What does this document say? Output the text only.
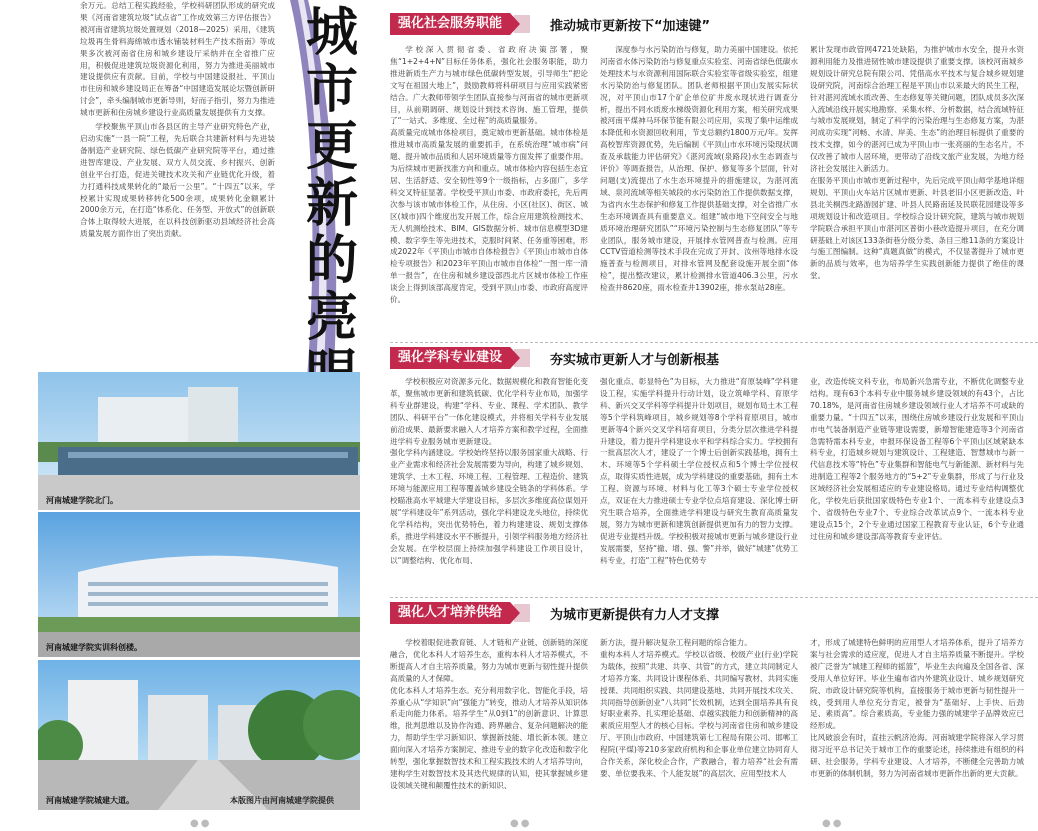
余万元。总结工程实践经验，学校科研团队形成的研究成果《河南省建筑垃圾“试点省”工作成效第三方评估报告》被河南省建筑垃圾处置规划（2018—2025）采用，《建筑垃圾再生骨料海绵城市透水铺装材料生产技术指南》等成果多次被河南省住房和城乡建设厅采纳并在全省推广应用，积极促进建筑垃圾资源化利用，努力为推进美丽城市建设提供应有贡献。目前，学校与中国建设报社、平顶山市住房和城乡建设局正在筹备“中国建造发展论坛暨创新研讨会”，牵头编制城市更新导则，好而子指引，努力为推进城市更新和住房城乡建设行业高质量发展提供有力支撑。

学校聚焦平顶山市各县区的主导产业研究特色产业，启动实施“一县一院”工程，先后联合共建新材料与先进装备制造产业研究院、绿色低碳产业研究院等平台，通过推进智库建设、产业发展、双方人员交流、乡村振兴、创新创业平台打造，促进关键技术攻关和产业链优化升级，着力打通科技成果转化的“最后一公里”。“十四五”以来，学校累计实现成果转移转化500余项，成果转化金额累计2000余万元，在打造“体系化、任务型、开放式”的创新联合体上取得较大进展，在以科技创新驱动县域经济社会高质量发展方面作出了突出贡献。

城
市
更
新
的
亮
河南城建学院北门。
河南城建学院实训科创楼。
河南城建学院城建大道。	本版图片由河南城建学院提供
强化社会服务职能	推动城市更新按下“加速键”

学校深入贯彻省委、省政府决策部署，聚焦“1+2+4+N”目标任务体系，强化社会服务职能，助力推进新质生产力与城市绿色低碳转型发展，引导师生“把论文写在祖国大地上”，鼓励教师将科研项目与应用实践紧密结合。广大教师带领学生团队直接参与河南省的城市更新项目，从前期调研、规划设计到技术咨询、施工管理，提供了“一站式、多维度、全过程”的高质量服务。
高质量完成城市体检项目，奠定城市更新基础。城市体检是推进城市高质量发展的重要抓手，在系统治理“城市病”问题、提升城市品质和人居环境质量等方面发挥了重要作用。为后续城市更新找准方向和重点。城市体检内容包括生态宜居、生活舒适、安全韧性等9个一级指标，占多面广，多学科交叉特征显著。学校受平顶山市委、市政府委托，先后两次参与该市城市体检工作，从住房、小区(社区)、街区、城区(城市)四个维度出发开展工作，综合应用建筑检测技术、无人机测绘技术、BIM、GIS数据分析、城市信息模型3D建模、数字孪生等先进技术，克服时间紧、任务重等困难，形成2022年《平顶山市城市自体检报告》《平顶山市城市自体检专项报告》和2023年平顶山市城市自体检“一图一库一清单一报告”，在住房和城乡建设部西北片区城市体检工作座谈会上得到该部高度肯定，受到平顶山市委、市政府高度评价。

深度参与水污染防治与修复，助力美丽中国建设。依托河南省水体污染防治与修复重点实验室、河南省绿色低碳水处理技术与水资源利用国际联合实验室等省级实验室，组建水污染防治与修复团队。团队老师根据平顶山发展实际状况，对平顶山市17个矿企单位矿井废水现状进行调查分析，提出不同水质废水梯级资源化利用方案，相关研究成果被河南平煤神马环保节能有限公司应用，实现了集中运维成本降低和水资源回收利用，节支总额约1800万元/年。发挥高校智库资源优势，先后编制《平顶山市水环境污染现状调查及承载能力评估研究》《湛河流域(泉路段)水生态调查与评价》等调查报告，从治理、保护、修复等多个层面，针对问题(支)流提出了水生态环境提升的措施建议，为湛河流域、泉河流域等相关城段的水污染防治工作提供数据支撑，为省内水生态保护和修复工作提供基础支撑，对全省推广水生态环境调查具有重要意义。组建“城市地下空间安全与地质环境治理研究团队”“环境污染控制与生态修复团队”等专业团队，服务城市建设，开展排水管网普查与检测。应用CCTV管道检测等技术手段在完成了开封、汝州等地排水设施普查与检测项目，对排水管网及配套设施开展全面“体检”，提出整改建议，累计检测排水管道406.3公里，污水检查井8620座，雨水检查井13902座，排水泵站28座。

累计发现市政管网4721处缺陷，为推护城市水安全，提升水资源利用能力及推进韧性城市建设提供了重要支撑。该校河南城乡规划设计研究总院有限公司、凭借高水平技术与复合城乡规划建设研究院，河南综合治理工程是平顶山市以来最大的民生工程，针对湛河流域水质改善、生态修复等关键问题，团队成员多次深入流域沿线开展实地勘察、采集水样、分析数据，结合流域特征与城市发展规划，制定了科学的污染治理与生态修复方案，为湛河成功实现“河畅、水清、岸美、生态”的治理目标提供了重要的技术支撑，如今的湛河已成为平顶山市一张亮丽的生态名片，不仅改善了城市人居环境，更带动了沿线文旅产业发展，为地方经济社会发展注入新活力。
在服务平顶山市城市更新过程中，先后完成平顶山师学基地详细规划、平顶山火车站片区城市更新、叶县老旧小区更新改造、叶县北关桐西北路游园扩建、叶县人民路南延及民联花园建设等多项规划设计和改造项目。学校综合设计研究院，建筑与城市规划学院联合承担平顶山市湛河区普街小巷改造提升项目，在充分调研基础上对该区133条街巷分级分类、条目三维11条的方案设计与施工图编制。这种“真题真做”的模式，不仅显著提升了城市更新的品质与效率，也为培养学生实践创新能力提供了绝佳的课堂。

强化学科专业建设	夯实城市更新人才与创新根基

学校积极应对资源多元化、数据规模化和教育智能化变革，聚焦城市更新和建筑低碳、优化学科专业布局，加强学科专业群建设，构建“学科、专业、课程、学术团队、教学团队、科研平台”一体化建设模式，并将相关学科专业发展前沿成果、最新要求融入人才培养方案和教学过程，全面推进学科专业服务城市更新建设。
强化学科内涵建设。学校始终坚持以服务国家重大战略、行业产业需求和经济社会发展需要为导向，构建了城乡规划、建筑学、土木工程、环境工程、工程管理、工程造价、建筑环境与能源应用工程等覆盖城乡建设全链条的学科体系。学校瞄准高水平城建大学建设目标，多层次多维度高位谋划开展“学科建设年”系列活动，强化学科建设龙头地位，持续优化学科结构，突出优势特色，着力构建建设、规划支撑体系，推进学科建设水平不断提升，引领学科服务地方经济社会发展。在学校层面上持续加强学科建设工作项目设计，以“调整结构、优化布局、

强化重点、彰显特色”为目标，大力推进“育原装峰”学科建设工程，实施学科提升行动计划，设立筑峰学科、育原学科、新兴交叉学科等学科提升计划项目，规划布局土木工程等5个学科筑峰项目，城乡规划等8个学科育原项目，城市更新等4个新兴交叉学科培育项目，分类分层次推进学科提升建设，着力提升学科建设水平和学科综合实力。学校拥有一批高层次人才，建设了一个博士后创新实践基地，拥有土木、环境等5个学科硕士学位授权点和5个博士学位授权点，取得实质性进展，成为学科建设的重要基础，拥有土木工程、资源与环境、材料与化工等3个硕士专业学位授权点，双证在大力推进硕士专业学位点培育建设、深化博士研究生联合培养，全面推进学科建设与研究生教育高质量发展，努力为城市更新和建筑创新提供更加有力的智力支撑。
促进专业提档升级。学校积极对接城市更新与城乡建设行业发展需要，坚持“撤、增、强、警”并举，做好“城建”优势工科专业，打造“工程”特色优势专

业，改造传统文科专业，布局新兴急需专业，不断优化调整专业结构。现有63个本科专业中服务城乡建设领域的有43个，占比70.18%，是河南省住房城乡建设领域行业人才培养不可或缺的重要力量。“十四五”以来，围绕住房城乡建设行业发展和平顶山市电气装备制造产业链等建设需要，新增智能建造等3个河南省急需特需本科专业，申报环保设备工程等6个平顶山区域紧缺本科专业，打造城乡规划与建筑设计、工程建造、智慧城市与新一代信息技术等“特色”专业集群和智能电气与新能源、新材料与先进制造工程等2个服务地方的“5+2”专业集群，形成了与行业及区域经济社会发展相适应的专业建设格局。通过专业结构调整优化，学校先后获批国家级特色专业1个、一流本科专业建设点3个、省级特色专业7个、专业综合改革试点9个、一流本科专业建设点15个，2个专业通过国家工程教育专业认证，6个专业通过住房和城乡建设部高等教育专业评估。

强化人才培养供给	为城市更新提供有力人才支撑

学校着眼促进教育链、人才链和产业链、创新链的深度融合，优化本科人才培养生态，重构本科人才培养模式，不断提高人才自主培养质量，努力为城市更新与韧性提升提供高质量的人才保障。
优化本科人才培养生态。充分利用数字化、智能化手段，培养重心从“学知识”向“强能力”转变，推动人才培养从知识体系走向能力体系。培养学生“从0到1”的创新意识、计算思维，批判思维以及协作沟通、跨界融合、复杂问题解决的能力，帮助学生学习新知识、掌握新技能、增长新本领。建立面向深入才培养方案制定、推进专业的数字化改造和数字化转型，强化掌握数智技术和工程实践技术的人才培养导向，建构学生对数智技术及其迭代规律的认知，使其掌握城乡建设领域关键和颠覆性技术的新知识、

新方法，提升解决复杂工程问题的综合能力。
重构本科人才培养模式。学校以省级、校级产业(行业)学院为载体，按照“共建、共享、共管”的方式，建立共同制定人才培养方案、共同设计课程体系、共同编写教材、共同实施授课、共同组织实践、共同建设基地、共同开展技术攻关、共同指导创新创业“八共同”长效机制，达到全面培养具有良好职业素养、扎实理论基础、卓越实践能力和创新精神的高素质应用型人才的核心目标。学校与河南省住房和城乡建设厅、平顶山市政府、中国建筑第七工程局有限公司、邯郸工程院(平煤)等210多家政府机构和企事业单位建立协同育人合作关系，深化校企合作，产教融合，着力培养“社会有需要、单位要我来、个人能发展”的高层次、应用型技术人

才，形成了城建特色鲜明的应用型人才培养体系，提升了培养方案与社会需求的适应度，促进人才自主培养质量不断提升。学校被广泛誉为“城建工程师的摇篮”，毕业生去向遍及全国各省、深受用人单位好评。毕业生遍布省内外建筑业设计、城乡规划研究院、市政设计研究院等机构，直接服务于城市更新与韧性提升一线，受到用人单位充分肯定，被誉为“基础好、上手快、后劲足、素质高”。综合素质高，专业能力强的城建学子品牌效应已经形成。
比风破浪会有时，直挂云帆济沧海。河南城建学院将深入学习贯彻习近平总书记关于城市工作的重要论述，持续推进有组织的科研、社会服务，学科专业建设、人才培养，不断健全完善助力城市更新的体制机制，努力为河南省城市更新作出新的更大贡献。

●●	●●	●●
